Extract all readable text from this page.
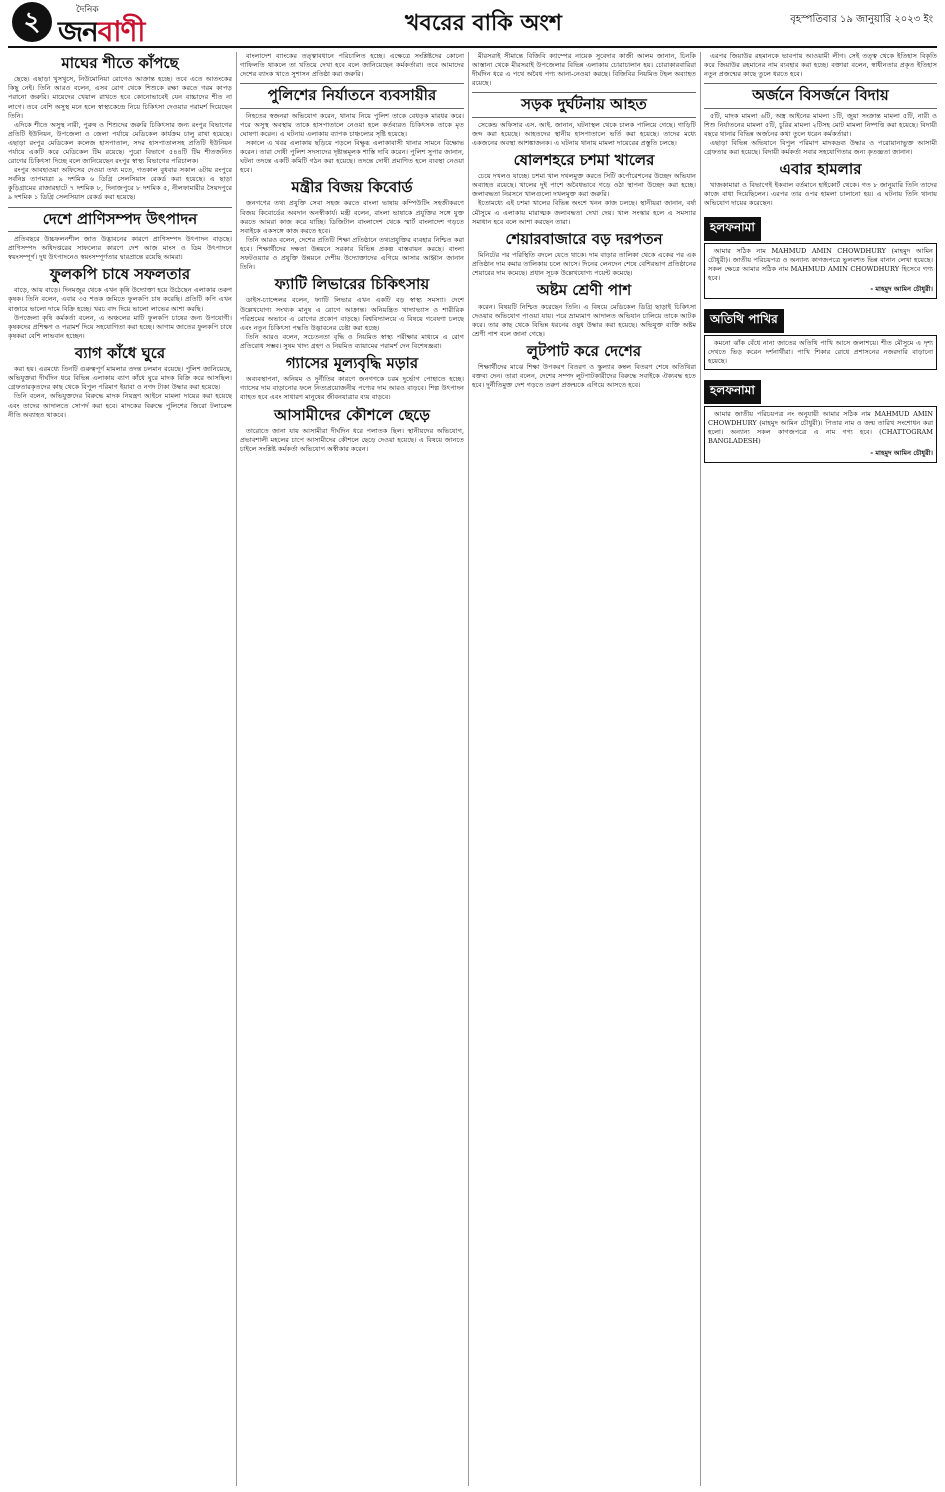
২	দৈনিক
জনবাণী	খবরের বাকি অংশ	বৃহস্পতিবার ১৯ জানুয়ারি ২০২৩ ইং
মাঘের শীতে কাঁপছে

ছেছে। এছাড়া খুসখুসে, নিউমোনিয়া রোগেও আক্রান্ত হচ্ছে। তবে এতে আতংকের কিছু নেই। তিনি আরও বলেন, এসব রোগ থেকে শিশুকে রক্ষা করতে গরম কাপড় পরানো জরুরি। মায়েদের খেয়াল রাখতে হবে কোনোভাবেই যেন বাচ্চাদের শীত না লাগে। তবে বেশি অসুস্থ মনে হলে স্বাস্থ্যকেন্দ্রে নিয়ে চিকিৎসা দেওয়ার পরামর্শ দিয়েছেন তিনি।

এদিকে শীতে অসুস্থ নারী, পুরুষ ও শিশুদের জরুরি চিকিৎসার জন্য রংপুর বিভাগের প্রতিটি ইউনিয়ন, উপজেলা ও জেলা পর্যায়ে মেডিকেল কার্যক্রম চালু রাখা হয়েছে। এছাড়া রংপুর মেডিকেল কলেজ হাসপাতাল, সদর হাসপাতালসহ প্রতিটি ইউনিয়ন পর্যায়ে একটি করে মেডিকেল টিম রয়েছে। পুরো বিভাগে ৫৪৪টি টিম শীতজনিত রোগের চিকিৎসা দিচ্ছে বলে জানিয়েছেন রংপুর স্বাস্থ্য বিভাগের পরিচালক।

রংপুর আবহাওয়া অফিসের দেওয়া তথ্য মতে, গতকাল বুধবার সকাল ৬টায় রংপুরে সর্বনিম্ন তাপমাত্রা ৯ দশমিক ৬ ডিগ্রি সেলসিয়াস রেকর্ড করা হয়েছে। এ ছাড়া কুড়িগ্রামের রাজারহাটে ৭ দশমিক ৮, দিনাজপুরে ৮ দশমিক ৫, নীলফামারীর সৈয়দপুরে ৯ দশমিক ১ ডিগ্রি সেলসিয়াস রেকর্ড করা হয়েছে।

দেশে প্রাণিসম্পদ উৎপাদন

প্রতিবছরে উচ্চফলনশীল জাত উদ্ভাবনের কারণে প্রাণিসম্পদ উৎপাদন বাড়ছে। প্রাণিসম্পদ অধিদপ্তরের সাফল্যের কারণে দেশ আজ মাংস ও ডিম উৎপাদনে স্বয়ংসম্পূর্ণ। দুধ উৎপাদনেও স্বয়ংসম্পূর্ণতার দ্বারপ্রান্তে রয়েছি আমরা।

ফুলকপি চাষে সফলতার

বাড়ে, আয় বাড়ে। দিনমজুর থেকে এখন কৃষি উদ্যোক্তা হয়ে উঠেছেন এলাকার তরুণ কৃষক। তিনি বলেন, এবার ৩৫ শতক জমিতে ফুলকপি চাষ করেছি। প্রতিটি কপি এখন বাজারে ভালো দামে বিক্রি হচ্ছে। খরচ বাদ দিয়ে ভালো লাভের আশা করছি।

উপজেলা কৃষি কর্মকর্তা বলেন, এ অঞ্চলের মাটি ফুলকপি চাষের জন্য উপযোগী। কৃষকদের প্রশিক্ষণ ও পরামর্শ দিয়ে সহযোগিতা করা হচ্ছে। আগাম জাতের ফুলকপি চাষে কৃষকরা বেশি লাভবান হচ্ছেন।

ব্যাগ কাঁধে ঘুরে

করা হয়। এরমধ্যে তিনটি গুরুত্বপূর্ণ মামলার তদন্ত চলমান রয়েছে। পুলিশ জানিয়েছে, অভিযুক্তরা দীর্ঘদিন ধরে বিভিন্ন এলাকায় ব্যাগ কাঁধে ঘুরে মাদক বিক্রি করে আসছিল। গ্রেফতারকৃতদের কাছ থেকে বিপুল পরিমাণ ইয়াবা ও নগদ টাকা উদ্ধার করা হয়েছে।

তিনি বলেন, অভিযুক্তদের বিরুদ্ধে মাদক নিয়ন্ত্রণ আইনে মামলা দায়ের করা হয়েছে এবং তাদের আদালতে সোপর্দ করা হবে। মাদকের বিরুদ্ধে পুলিশের জিরো টলারেন্স নীতি অব্যাহত থাকবে।

বাংলাদেশ ব্যাংকের তত্ত্বাবধানে পরিচালিত হচ্ছে। এক্ষেত্রে সংশ্লিষ্টদের কোনো গাফিলতি থাকলে তা খতিয়ে দেখা হবে বলে জানিয়েছেন কর্মকর্তারা। তবে আমাদের দেশের ব্যাংক খাতে সুশাসন প্রতিষ্ঠা করা জরুরি।

পুলিশের নির্যাতনে ব্যবসায়ীর

নিহতের স্বজনরা অভিযোগ করেন, থানায় নিয়ে পুলিশ তাকে বেধড়ক মারধর করে। পরে অসুস্থ অবস্থায় তাকে হাসপাতালে নেওয়া হলে কর্তব্যরত চিকিৎসক তাকে মৃত ঘোষণা করেন। এ ঘটনায় এলাকায় ব্যাপক চাঞ্চল্যের সৃষ্টি হয়েছে।

সকালে এ খবর এলাকায় ছড়িয়ে পড়লে বিক্ষুব্ধ এলাকাবাসী থানার সামনে বিক্ষোভ করেন। তারা দোষী পুলিশ সদস্যদের দৃষ্টান্তমূলক শাস্তি দাবি করেন। পুলিশ সুপার জানান, ঘটনা তদন্তে একটি কমিটি গঠন করা হয়েছে। তদন্তে দোষী প্রমাণিত হলে ব্যবস্থা নেওয়া হবে।

মন্ত্রীর বিজয় কিবোর্ড

জনগণের তথ্য প্রযুক্তি সেবা সহজ করতে বাংলা ভাষায় কম্পিউটিং সহজীকরণে বিজয় কিবোর্ডের অবদান অনস্বীকার্য। মন্ত্রী বলেন, বাংলা ভাষাকে প্রযুক্তির সঙ্গে যুক্ত করতে আমরা কাজ করে যাচ্ছি। ডিজিটাল বাংলাদেশ থেকে স্মার্ট বাংলাদেশ গড়তে সবাইকে একসঙ্গে কাজ করতে হবে।

তিনি আরও বলেন, দেশের প্রতিটি শিক্ষা প্রতিষ্ঠানে তথ্যপ্রযুক্তির ব্যবহার নিশ্চিত করা হবে। শিক্ষার্থীদের দক্ষতা উন্নয়নে সরকার বিভিন্ন প্রকল্প বাস্তবায়ন করছে। বাংলা সফটওয়্যার ও প্রযুক্তি উন্নয়নে দেশীয় উদ্যোক্তাদের এগিয়ে আসার আহ্বান জানান তিনি।

ফ্যাটি লিভারের চিকিৎসায়

ডাইস-চ্যান্সেলর বলেন, ফ্যাটি লিভার এখন একটি বড় স্বাস্থ্য সমস্যা। দেশে উল্লেখযোগ্য সংখ্যক মানুষ এ রোগে আক্রান্ত। অনিয়ন্ত্রিত খাদ্যাভ্যাস ও শারীরিক পরিশ্রমের অভাবে এ রোগের প্রকোপ বাড়ছে। বিশ্ববিদ্যালয়ে এ বিষয়ে গবেষণা চলছে এবং নতুন চিকিৎসা পদ্ধতি উদ্ভাবনের চেষ্টা করা হচ্ছে।

তিনি আরও বলেন, সচেতনতা বৃদ্ধি ও নিয়মিত স্বাস্থ্য পরীক্ষার মাধ্যমে এ রোগ প্রতিরোধ সম্ভব। সুষম খাদ্য গ্রহণ ও নিয়মিত ব্যায়ামের পরামর্শ দেন বিশেষজ্ঞরা।

গ্যাসের মূল্যবৃদ্ধি মড়ার

অব্যবস্থাপনা, অনিয়ম ও দুর্নীতির কারণে জনগণকে চরম দুর্ভোগ পোহাতে হচ্ছে। গ্যাসের দাম বাড়ানোর ফলে নিত্যপ্রয়োজনীয় পণ্যের দাম আরও বাড়বে। শিল্প উৎপাদন ব্যাহত হবে এবং সাধারণ মানুষের জীবনযাত্রার ব্যয় বাড়বে।

আসামীদের কৌশলে ছেড়ে

তারোতে জানা যায় আসামীরা দীর্ঘদিন ধরে পলাতক ছিল। স্থানীয়দের অভিযোগ, প্রভাবশালী মহলের চাপে আসামীদের কৌশলে ছেড়ে দেওয়া হয়েছে। এ বিষয়ে জানতে চাইলে সংশ্লিষ্ট কর্মকর্তা অভিযোগ অস্বীকার করেন।

মীরসরাই সীমান্তে বিজিবি ক্যাম্পের নায়েক সুবেদার কাজী আলম জানান, চিনকি আস্তানা থেকে মীরসরাই উপজেলার বিভিন্ন এলাকায় চোরাচালান হয়। চোরাকারবারিরা দীর্ঘদিন ধরে এ পথে অবৈধ পণ্য আনা-নেওয়া করছে। বিজিবির নিয়মিত টহল অব্যাহত রয়েছে।

সড়ক দুর্ঘটনায় আহত

সেকেন্ড অফিসার এস. আই. জানান, ঘটনাস্থল থেকে চালক পালিয়ে গেছে। গাড়িটি জব্দ করা হয়েছে। আহতদের স্থানীয় হাসপাতালে ভর্তি করা হয়েছে। তাদের মধ্যে একজনের অবস্থা আশঙ্কাজনক। এ ঘটনায় থানায় মামলা দায়েরের প্রস্তুতি চলছে।

ষোলশহরে চশমা খালের

চেয়ে দখলও যাচ্ছে। চশমা খাল দখলমুক্ত করতে সিটি কর্পোরেশনের উচ্ছেদ অভিযান অব্যাহত রয়েছে। খালের দুই পাশে অবৈধভাবে গড়ে ওঠা স্থাপনা উচ্ছেদ করা হচ্ছে। জলাবদ্ধতা নিরসনে খালগুলো দখলমুক্ত করা জরুরি।

ইতোমধ্যে এই চশমা খালের বিভিন্ন অংশে খনন কাজ চলছে। স্থানীয়রা জানান, বর্ষা মৌসুমে এ এলাকায় মারাত্মক জলাবদ্ধতা দেখা দেয়। খাল সংস্কার হলে এ সমস্যার সমাধান হবে বলে আশা করছেন তারা।

শেয়ারবাজারে বড় দরপতন

মিনিটের পর পরিস্থিতি বদলে যেতে থাকে। দাম বাড়ার তালিকা থেকে একের পর এক প্রতিষ্ঠান দাম কমার তালিকায় চলে আসে। দিনের লেনদেন শেষে বেশিরভাগ প্রতিষ্ঠানের শেয়ারের দাম কমেছে। প্রধান সূচক উল্লেখযোগ্য পয়েন্ট কমেছে।

অষ্টম শ্রেণী পাশ

করেন। বিষয়টি নিশ্চিত করেছেন তিনি। এ বিষয়ে মেডিকেল ডিগ্রি ছাড়াই চিকিৎসা দেওয়ার অভিযোগ পাওয়া যায়। পরে ভ্রাম্যমাণ আদালত অভিযান চালিয়ে তাকে আটক করে। তার কাছ থেকে বিভিন্ন ধরনের ওষুধ উদ্ধার করা হয়েছে। অভিযুক্ত ব্যক্তি অষ্টম শ্রেণী পাশ বলে জানা গেছে।

লুটপাট করে দেশের

শিক্ষার্থীদের মাঝে শিক্ষা উপকরণ বিতরণ ও স্কুল্যার কম্বল বিতরণ শেষে অতিথিরা বক্তব্য দেন। তারা বলেন, দেশের সম্পদ লুটপাটকারীদের বিরুদ্ধে সবাইকে ঐক্যবদ্ধ হতে হবে। দুর্নীতিমুক্ত দেশ গড়তে তরুণ প্রজন্মকে এগিয়ে আসতে হবে।

এরপর জিয়াউর রহমানকে ভাবপায় আওয়ামী লীগ। সেই তত্ত্ব থেকে ইতিহাস বিকৃতি করে জিয়াউর রহমানের নাম ব্যবহার করা হচ্ছে। বক্তারা বলেন, স্বাধীনতার প্রকৃত ইতিহাস নতুন প্রজন্মের কাছে তুলে ধরতে হবে।

অর্জনে বিসর্জনে বিদায়

৫টি, মাদক মামলা ৬টি, অস্ত্র আইনের মামলা ১টি, জুয়া সংক্রান্ত মামলা ৫টি, নারী ও শিশু নির্যাতনের মামলা ৫টি, চুরির মামলা ২টিসহ মোট মামলা নিষ্পত্তি করা হয়েছে। বিদায়ী বছরে থানার বিভিন্ন অর্জনের কথা তুলে ধরেন কর্মকর্তারা।

এছাড়া বিভিন্ন অভিযানে বিপুল পরিমাণ মাদকদ্রব্য উদ্ধার ও পরোয়ানাভুক্ত আসামী গ্রেফতার করা হয়েছে। বিদায়ী কর্মকর্তা সবার সহযোগিতার জন্য কৃতজ্ঞতা জানান।

এবার হামলার

খাজকামারা ও বিভাগেই ইকবাল বর্তমানে হাইকোর্ট থেকে। গত ৮ জানুয়ারি তিনি তাদের কাজে বাধা দিয়েছিলেন। এরপর তার ওপর হামলা চালানো হয়। এ ঘটনায় তিনি থানায় অভিযোগ দায়ের করেছেন।

হলফনামা

আমার সঠিক নাম MAHMUD AMIN CHOWDHURY (মাহমুদ আমিন চৌধুরী)। জাতীয় পরিচয়পত্র ও অন্যান্য কাগজপত্রে ভুলবশত ভিন্ন বানান লেখা হয়েছে। সকল ক্ষেত্রে আমার সঠিক নাম MAHMUD AMIN CHOWDHURY হিসেবে গণ্য হবে।

- মাহমুদ আমিন চৌধুরী।
অতিথি পাখির

কমনো ঝাঁক বেঁধে নানা জাতের অতিথি পাখি আসে জলাশয়ে। শীত মৌসুমে এ দৃশ্য দেখতে ভিড় করেন দর্শনার্থীরা। পাখি শিকার রোধে প্রশাসনের নজরদারি বাড়ানো হয়েছে।

হলফনামা

আমার জাতীয় পরিচয়পত্র নং অনুযায়ী আমার সঠিক নাম MAHMUD AMIN CHOWDHURY (মাহমুদ আমিন চৌধুরী)। পিতার নাম ও জন্ম তারিখ সংশোধন করা হলো। অন্যান্য সকল কাগজপত্রে এ নাম গণ্য হবে। (CHATTOGRAM BANGLADESH)

- মাহমুদ আমিন চৌধুরী।
